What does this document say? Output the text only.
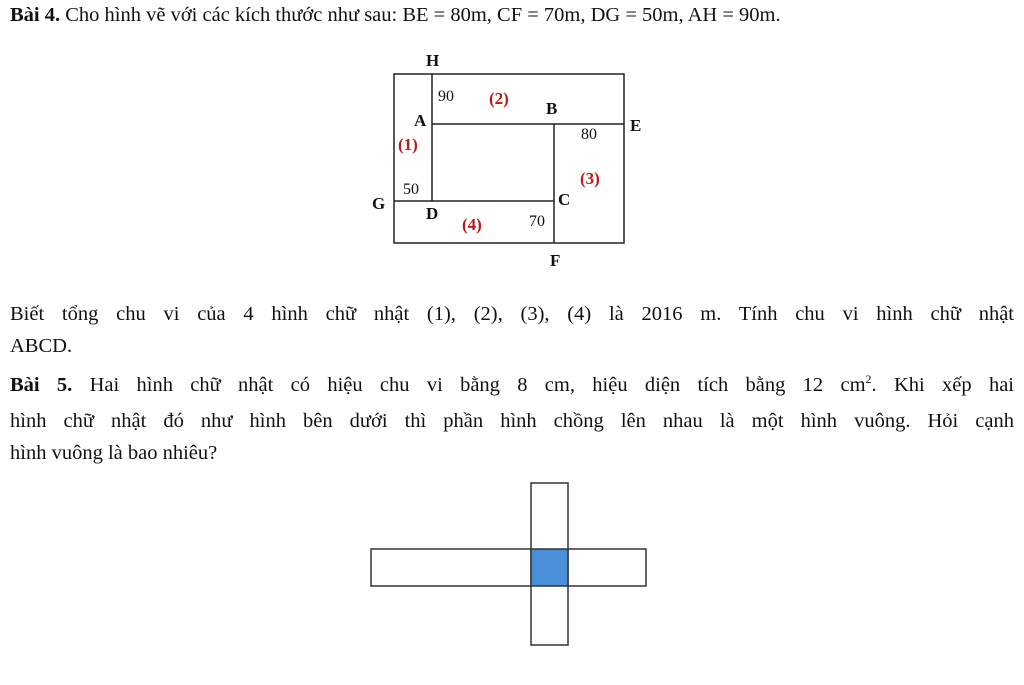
Bài 4. Cho hình vẽ với các kích thước như sau: BE = 80m, CF = 70m, DG = 50m, AH = 90m.
H
A
B
E
C
D
G
F
90
80
50
70
(1)
(2)
(3)
(4)
Biết tổng chu vi của 4 hình chữ nhật (1), (2), (3), (4) là 2016 m. Tính chu vi hình chữ nhật
ABCD.
Bài 5. Hai hình chữ nhật có hiệu chu vi bằng 8 cm, hiệu diện tích bằng 12 $cm^2$. Khi xếp hai
hình chữ nhật đó như hình bên dưới thì phần hình chồng lên nhau là một hình vuông. Hỏi cạnh
hình vuông là bao nhiêu?
